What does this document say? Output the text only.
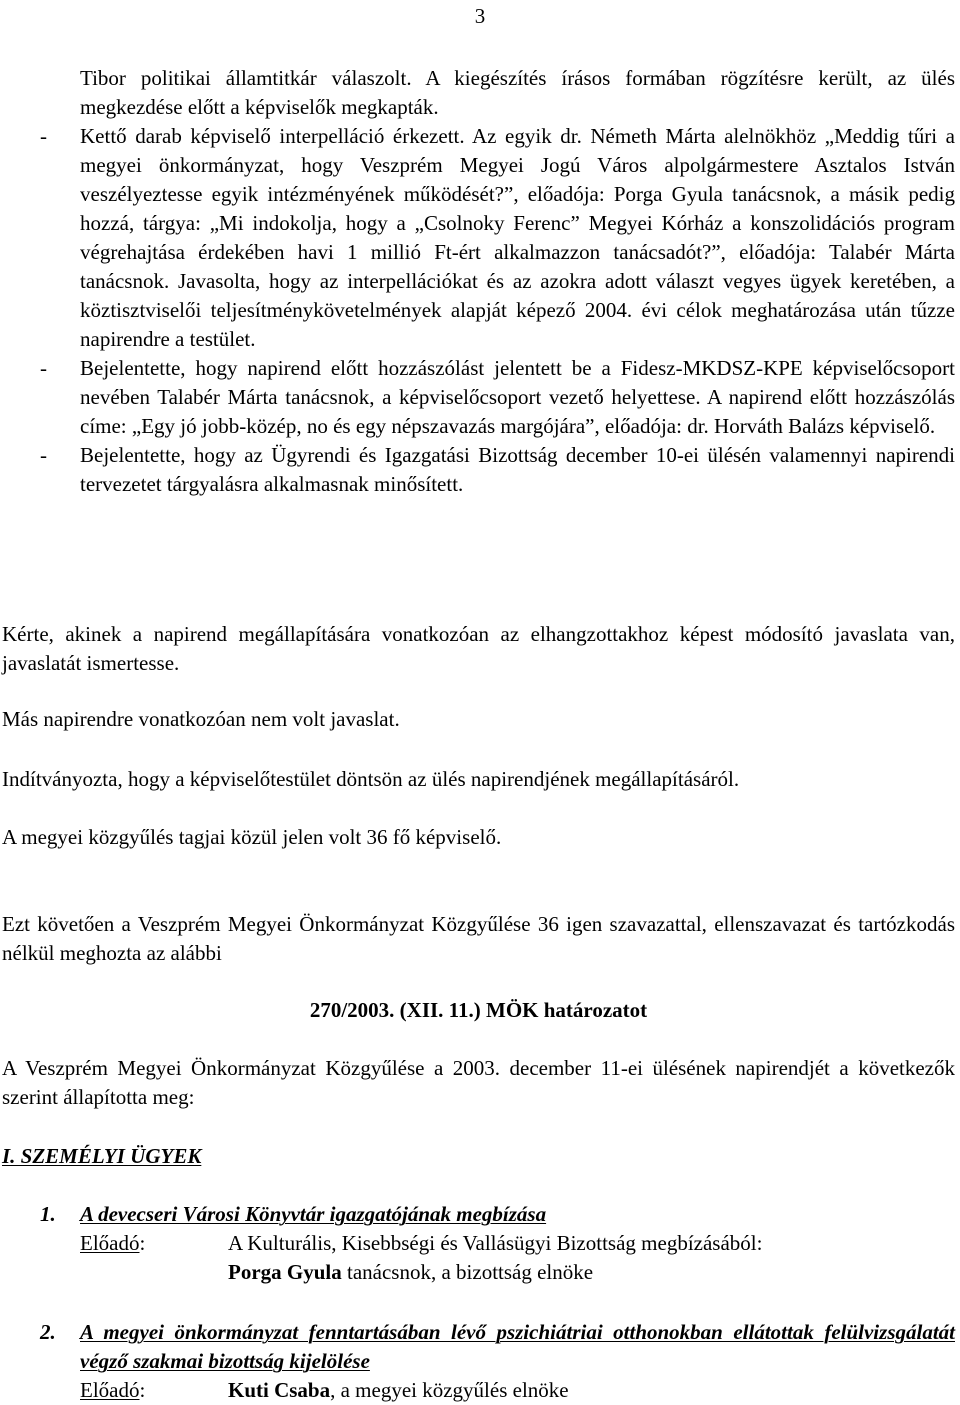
3

Tibor politikai államtitkár válaszolt. A kiegészítés írásos formában rögzítésre került, az ülés megkezdése előtt a képviselők megkapták.

-	Kettő darab képviselő interpelláció érkezett. Az egyik dr. Németh Márta alelnökhöz „Meddig tűri a megyei önkormányzat, hogy Veszprém Megyei Jogú Város alpolgármestere Asztalos István veszélyeztesse egyik intézményének működését?”, előadója: Porga Gyula tanácsnok, a másik pedig hozzá, tárgya: „Mi indokolja, hogy a „Csolnoky Ferenc” Megyei Kórház a konszolidációs program végrehajtása érdekében havi 1 millió Ft-ért alkalmazzon tanácsadót?”, előadója: Talabér Márta tanácsnok. Javasolta, hogy az interpellációkat és az azokra adott választ vegyes ügyek keretében, a köztisztviselői teljesítménykövetelmények alapját képező 2004. évi célok meghatározása után tűzze napirendre a testület.
-	Bejelentette, hogy napirend előtt hozzászólást jelentett be a Fidesz-MKDSZ-KPE képviselőcsoport nevében Talabér Márta tanácsnok, a képviselőcsoport vezető helyettese. A napirend előtt hozzászólás címe: „Egy jó jobb-közép, no és egy népszavazás margójára”, előadója: dr. Horváth Balázs képviselő.
-	Bejelentette, hogy az Ügyrendi és Igazgatási Bizottság december 10-ei ülésén valamennyi napirendi tervezetet tárgyalásra alkalmasnak minősített.

Kérte, akinek a napirend megállapítására vonatkozóan az elhangzottakhoz képest módosító javaslata van, javaslatát ismertesse.

Más napirendre vonatkozóan nem volt javaslat.

Indítványozta, hogy a képviselőtestület döntsön az ülés napirendjének megállapításáról.

A megyei közgyűlés tagjai közül jelen volt 36 fő képviselő.

Ezt követően a Veszprém Megyei Önkormányzat Közgyűlése 36 igen szavazattal, ellenszavazat és tartózkodás nélkül meghozta az alábbi

270/2003. (XII. 11.) MÖK határozatot

A Veszprém Megyei Önkormányzat Közgyűlése a 2003. december 11-ei ülésének napirendjét a következők szerint állapította meg:

I. SZEMÉLYI ÜGYEK

1.	A devecseri Városi Könyvtár igazgatójának megbízása
Előadó:	A Kulturális, Kisebbségi és Vallásügyi Bizottság megbízásából:
Porga Gyula tanácsnok, a bizottság elnöke
2.	A megyei önkormányzat fenntartásában lévő pszichiátriai otthonokban ellátottak felülvizsgálatát végző szakmai bizottság kijelölése
Előadó:	Kuti Csaba, a megyei közgyűlés elnöke
